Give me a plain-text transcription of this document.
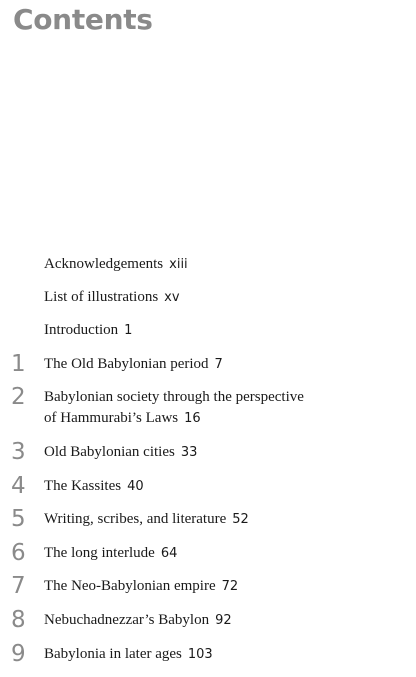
Contents
Acknowledgements xiii
List of illustrations xv
Introduction 1
1	The Old Babylonian period 7
2	Babylonian society through the perspective
of Hammurabi’s Laws 16
3	Old Babylonian cities 33
4	The Kassites 40
5	Writing, scribes, and literature 52
6	The long interlude 64
7	The Neo-Babylonian empire 72
8	Nebuchadnezzar’s Babylon 92
9	Babylonia in later ages 103
